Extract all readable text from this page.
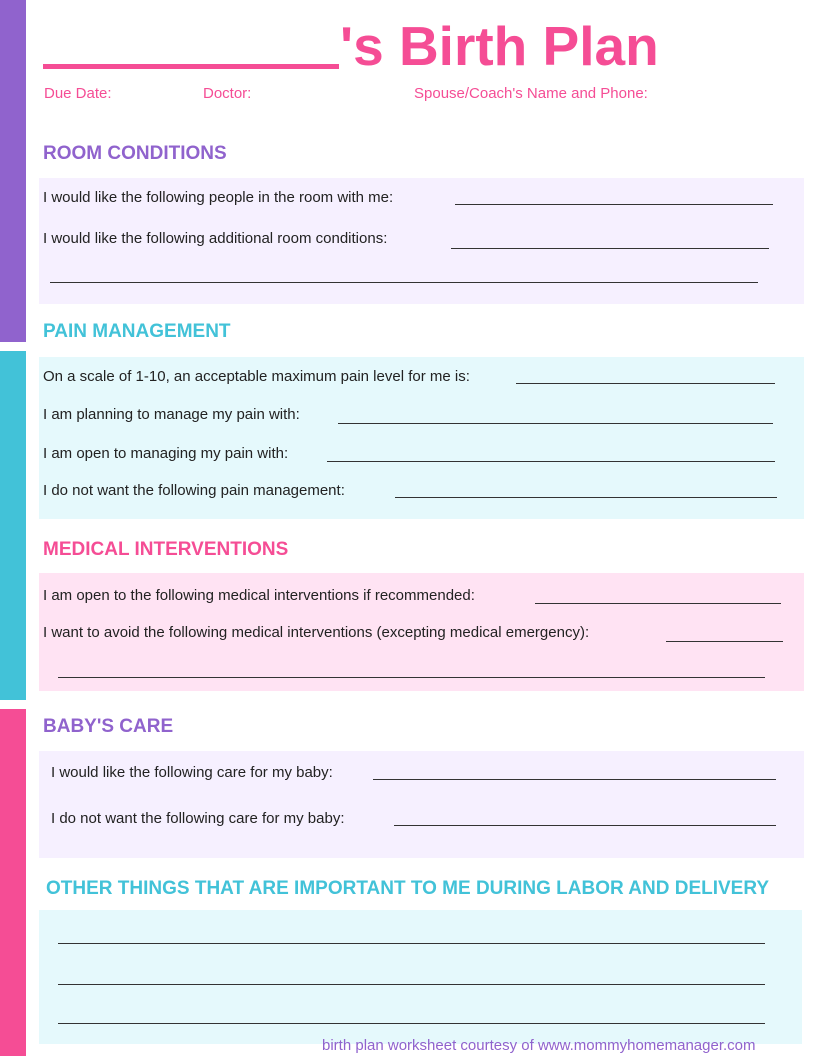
's Birth Plan
Due Date:	Doctor:	Spouse/Coach's Name and Phone:
ROOM CONDITIONS
I would like the following people in the room with me:
I would like the following additional room conditions:
PAIN MANAGEMENT
On a scale of 1-10, an acceptable maximum pain level for me is:
I am planning to manage my pain with:
I am open to managing my pain with:
I do not want the following pain management:
MEDICAL INTERVENTIONS
I am open to the following medical interventions if recommended:
I want to avoid the following medical interventions (excepting medical emergency):
BABY'S CARE
I would like the following care for my baby:
I do not want the following care for my baby:
OTHER THINGS THAT ARE IMPORTANT TO ME DURING LABOR AND DELIVERY
birth plan worksheet courtesy of www.mommyhomemanager.com
